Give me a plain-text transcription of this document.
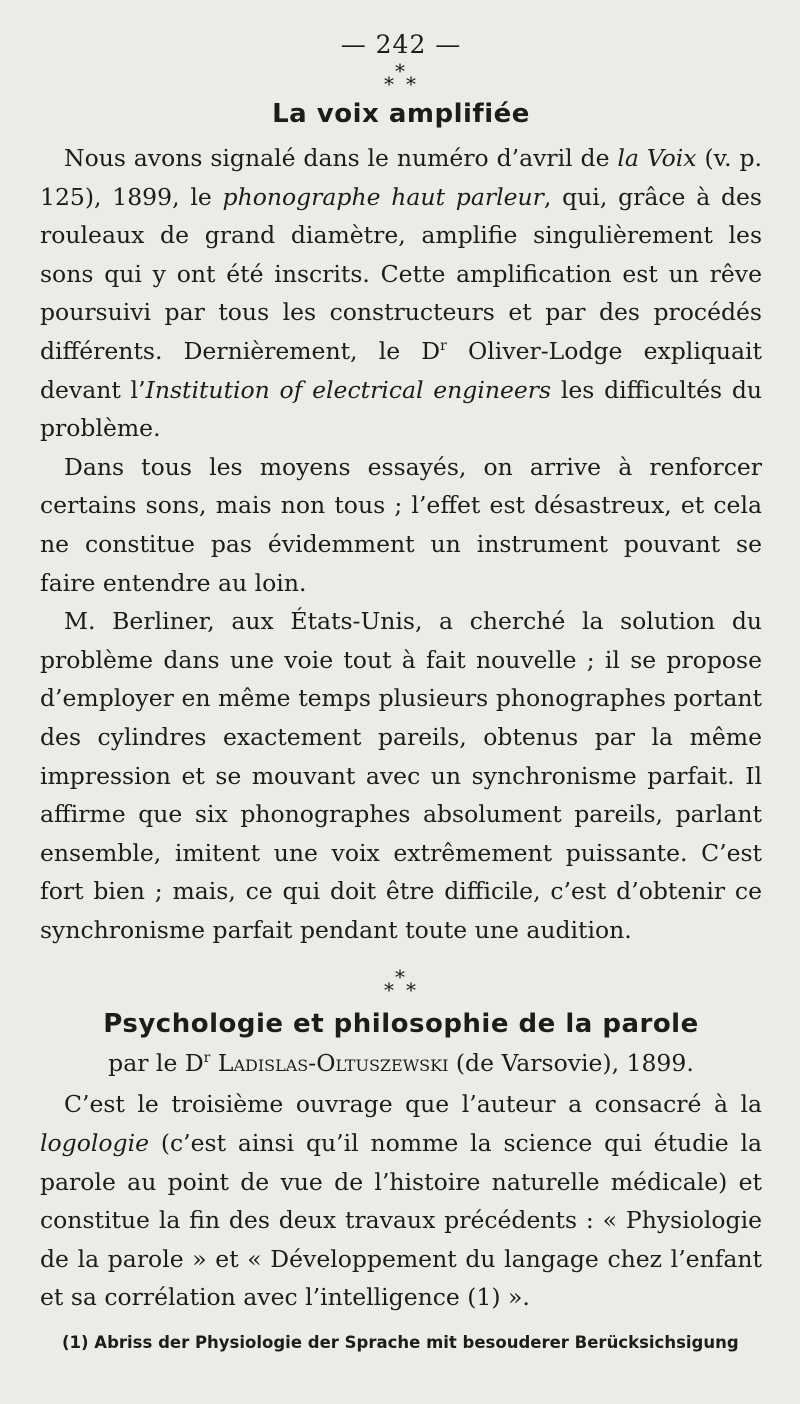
— 242 —
*
* *
La voix amplifiée

Nous avons signalé dans le numéro d’avril de la Voix (v. p. 125), 1899, le phonographe haut parleur, qui, grâce à des rouleaux de grand diamètre, amplifie singulièrement les sons qui y ont été inscrits. Cette amplification est un rêve poursuivi par tous les constructeurs et par des procédés différents. Dernièrement, le $D^r$ Oliver-Lodge expliquait devant l’Institution of electrical engineers les difficultés du problème.

Dans tous les moyens essayés, on arrive à renforcer certains sons, mais non tous ; l’effet est désastreux, et cela ne constitue pas évidemment un instrument pouvant se faire entendre au loin.

M. Berliner, aux États-Unis, a cherché la solution du problème dans une voie tout à fait nouvelle ; il se propose d’employer en même temps plusieurs phonographes portant des cylindres exactement pareils, obtenus par la même impression et se mouvant avec un synchronisme parfait. Il affirme que six phonographes absolument pareils, parlant ensemble, imitent une voix extrêmement puissante. C’est fort bien ; mais, ce qui doit être difficile, c’est d’obtenir ce synchronisme parfait pendant toute une audition.

*
* *
Psychologie et philosophie de la parole
par le $D^r$ Ladislas-Oltuszewski (de Varsovie), 1899.

C’est le troisième ouvrage que l’auteur a consacré à la logologie (c’est ainsi qu’il nomme la science qui étudie la parole au point de vue de l’histoire naturelle médicale) et constitue la fin des deux travaux précédents : « Physiologie de la parole » et « Développement du langage chez l’enfant et sa corrélation avec l’intelligence (1) ».

(1) Abriss der Physiologie der Sprache mit besouderer Berücksichsigung
